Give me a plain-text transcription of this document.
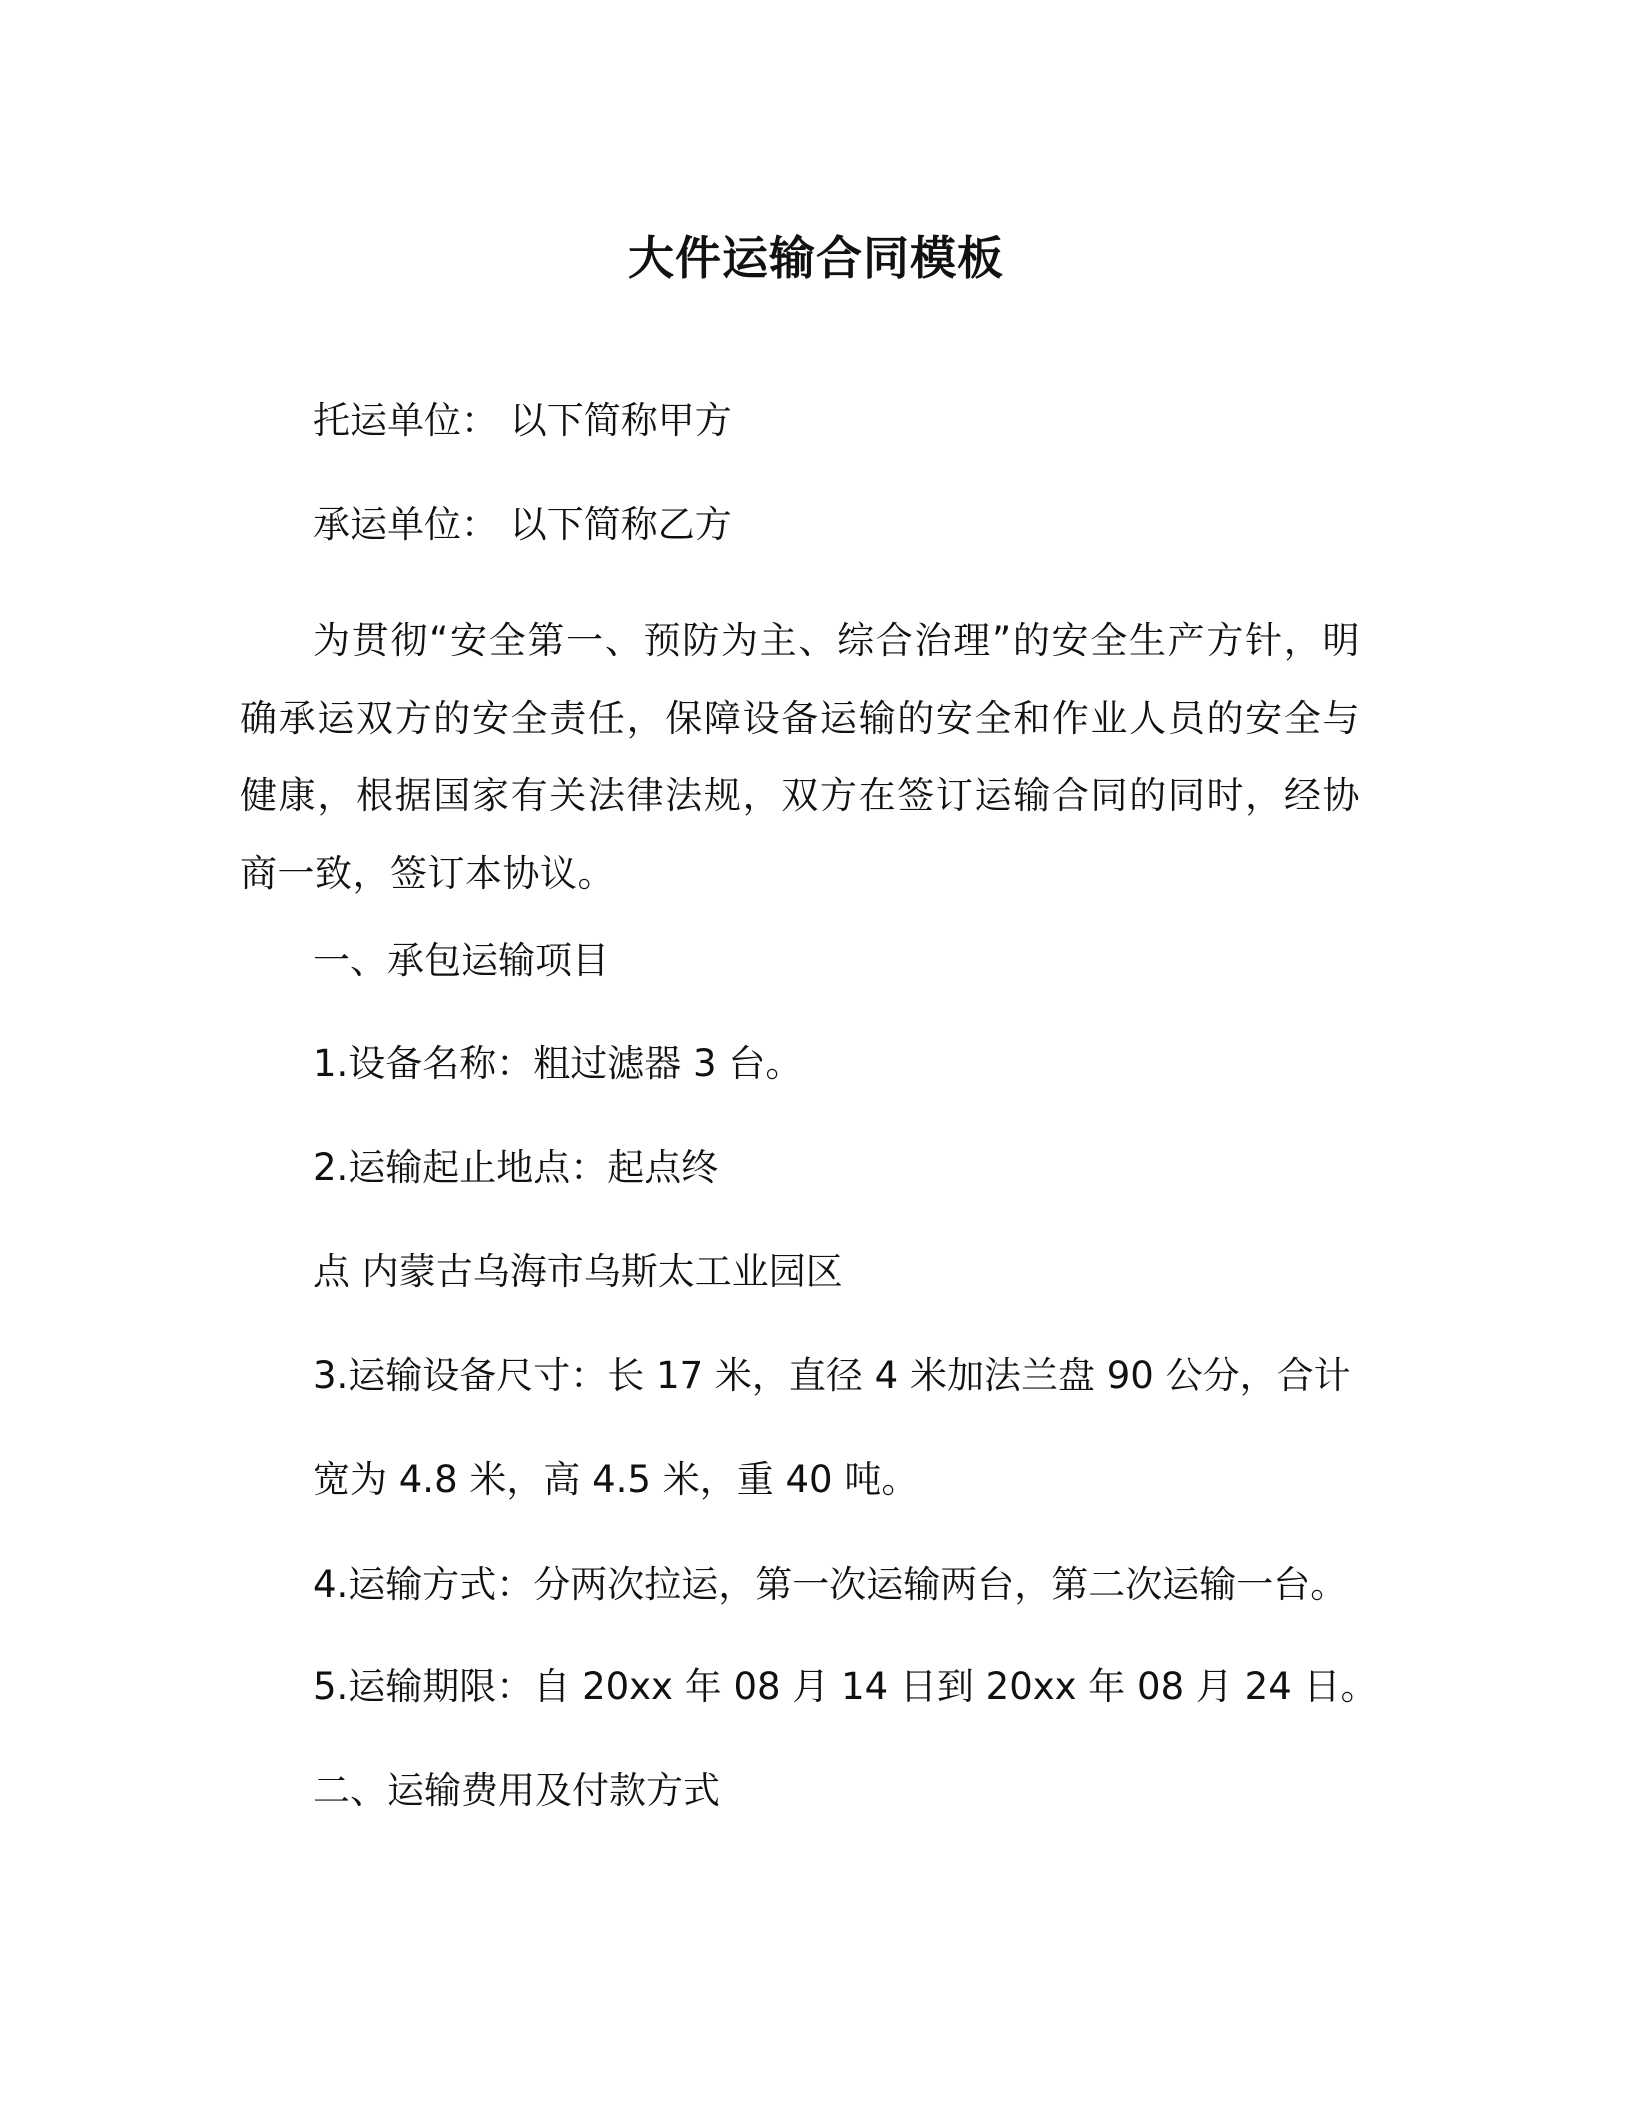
大件运输合同模板
托运单位： 以下简称甲方
承运单位： 以下简称乙方
为贯彻“安全第一、预防为主、综合治理”的安全生产方针，明确承运双方的安全责任，保障设备运输的安全和作业人员的安全与健康，根据国家有关法律法规，双方在签订运输合同的同时，经协商一致，签订本协议。
一、承包运输项目
1.设备名称：粗过滤器 3 台。
2.运输起止地点：起点终
点 内蒙古乌海市乌斯太工业园区
3.运输设备尺寸：长 17 米，直径 4 米加法兰盘 90 公分，合计
宽为 4.8 米，高 4.5 米，重 40 吨。
4.运输方式：分两次拉运，第一次运输两台，第二次运输一台。
5.运输期限：自 20xx 年 08 月 14 日到 20xx 年 08 月 24 日。
二、运输费用及付款方式
